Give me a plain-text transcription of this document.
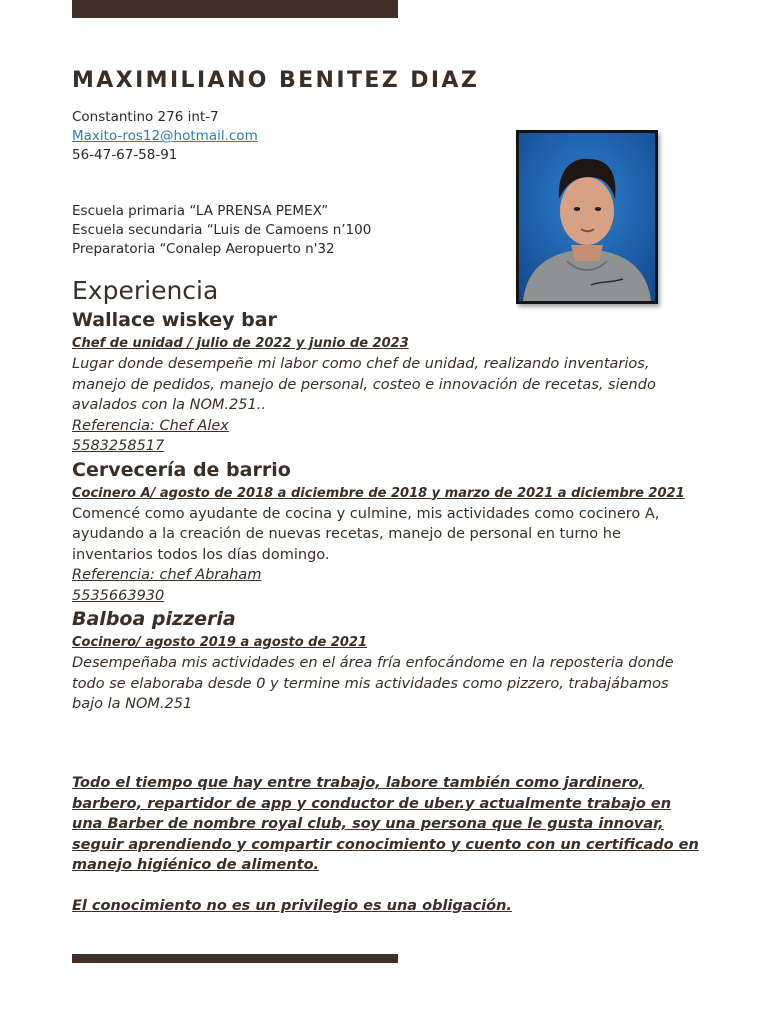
MAXIMILIANO BENITEZ DIAZ
Constantino 276 int-7
Maxito-ros12@hotmail.com
56-47-67-58-91
Escuela primaria “LA PRENSA PEMEX”
Escuela secundaria “Luis de Camoens n’100
Preparatoria “Conalep Aeropuerto n'32
Experiencia
Wallace wiskey bar
Chef de unidad / julio de 2022 y junio de 2023
Lugar donde desempeñe mi labor como chef de unidad, realizando inventarios, manejo de pedidos, manejo de personal, costeo e innovación de recetas, siendo avalados con la NOM.251..
Referencia: Chef Alex
5583258517
Cervecería de barrio
Cocinero A/ agosto de 2018 a diciembre de 2018 y marzo de 2021 a diciembre 2021
Comencé como ayudante de cocina y culmine, mis actividades como cocinero A, ayudando a la creación de nuevas recetas, manejo de personal en turno he inventarios todos los días domingo.
Referencia: chef Abraham
5535663930
Balboa pizzeria
Cocinero/ agosto 2019 a agosto de 2021
Desempeñaba mis actividades en el área fría enfocándome en la reposteria donde todo se elaboraba desde 0 y termine mis actividades como pizzero, trabajábamos bajo la NOM.251
Todo el tiempo que hay entre trabajo, labore también como jardinero, barbero, repartidor de app y conductor de uber.y actualmente trabajo en una Barber de nombre royal club, soy una persona que le gusta innovar, seguir aprendiendo y compartir conocimiento y cuento con un certificado en manejo higiénico de alimento.
El conocimiento no es un privilegio es una obligación.
